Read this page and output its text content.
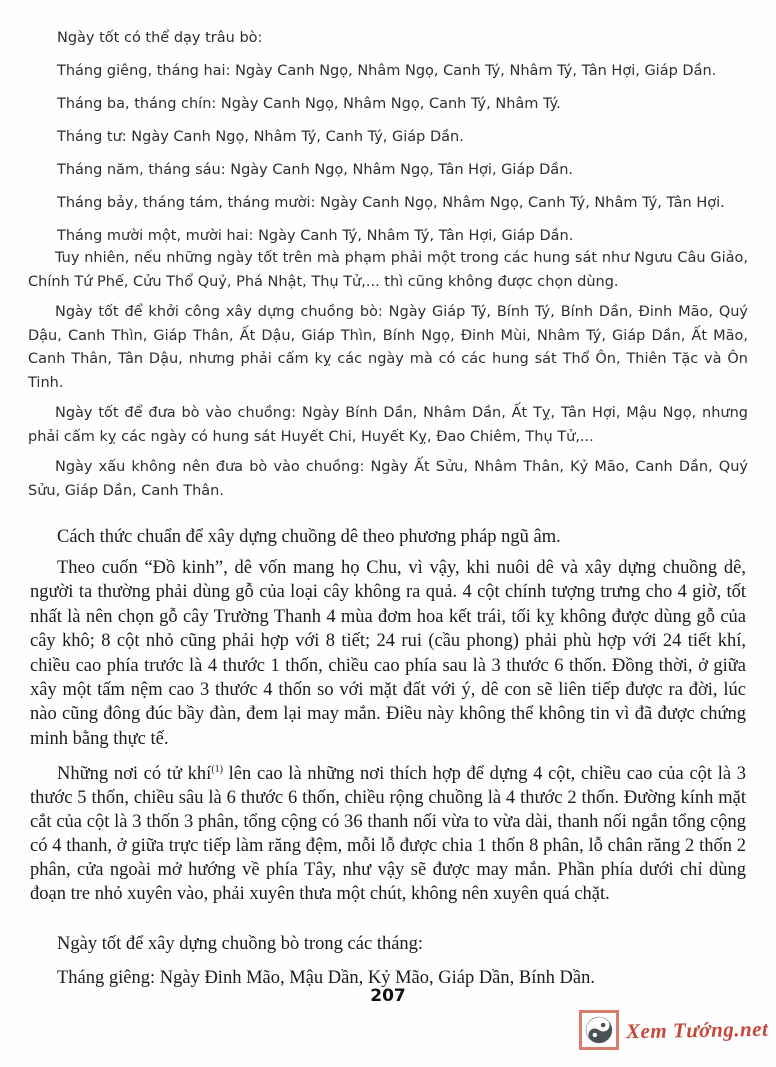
Ngày tốt có thể dạy trâu bò:

Tháng giêng, tháng hai: Ngày Canh Ngọ, Nhâm Ngọ, Canh Tý, Nhâm Tý, Tân Hợi, Giáp Dần.

Tháng ba, tháng chín: Ngày Canh Ngọ, Nhâm Ngọ, Canh Tý, Nhâm Tý.

Tháng tư: Ngày Canh Ngọ, Nhâm Tý, Canh Tý, Giáp Dần.

Tháng năm, tháng sáu: Ngày Canh Ngọ, Nhâm Ngọ, Tân Hợi, Giáp Dần.

Tháng bảy, tháng tám, tháng mười: Ngày Canh Ngọ, Nhâm Ngọ, Canh Tý, Nhâm Tý, Tân Hợi.

Tháng mười một, mười hai: Ngày Canh Tý, Nhâm Tý, Tân Hợi, Giáp Dần.

Tuy nhiên, nếu những ngày tốt trên mà phạm phải một trong các hung sát như Ngưu Câu Giảo, Chính Tứ Phế, Cửu Thổ Quỷ, Phá Nhật, Thụ Tử,... thì cũng không được chọn dùng.

Ngày tốt để khởi công xây dựng chuồng bò: Ngày Giáp Tý, Bính Tý, Bính Dần, Đinh Mão, Quý Dậu, Canh Thìn, Giáp Thân, Ất Dậu, Giáp Thìn, Bính Ngọ, Đinh Mùi, Nhâm Tý, Giáp Dần, Ất Mão, Canh Thân, Tân Dậu, nhưng phải cấm kỵ các ngày mà có các hung sát Thổ Ôn, Thiên Tặc và Ôn Tinh.

Ngày tốt để đưa bò vào chuồng: Ngày Bính Dần, Nhâm Dần, Ất Tỵ, Tân Hợi, Mậu Ngọ, nhưng phải cấm kỵ các ngày có hung sát Huyết Chi, Huyết Kỵ, Đao Chiêm, Thụ Tử,...

Ngày xấu không nên đưa bò vào chuồng: Ngày Ất Sửu, Nhâm Thân, Kỷ Mão, Canh Dần, Quý Sửu, Giáp Dần, Canh Thân.

Cách thức chuẩn để xây dựng chuồng dê theo phương pháp ngũ âm.

Theo cuốn “Đồ kinh”, dê vốn mang họ Chu, vì vậy, khi nuôi dê và xây dựng chuồng dê, người ta thường phải dùng gỗ của loại cây không ra quả. 4 cột chính tượng trưng cho 4 giờ, tốt nhất là nên chọn gỗ cây Trường Thanh 4 mùa đơm hoa kết trái, tối kỵ không được dùng gỗ của cây khô; 8 cột nhỏ cũng phải hợp với 8 tiết; 24 rui (cầu phong) phải phù hợp với 24 tiết khí, chiều cao phía trước là 4 thước 1 thốn, chiều cao phía sau là 3 thước 6 thốn. Đồng thời, ở giữa xây một tấm nệm cao 3 thước 4 thốn so với mặt đất với ý, dê con sẽ liên tiếp được ra đời, lúc nào cũng đông đúc bầy đàn, đem lại may mắn. Điều này không thể không tin vì đã được chứng minh bằng thực tế.

Những nơi có tử khí$^{(1)}$ lên cao là những nơi thích hợp để dựng 4 cột, chiều cao của cột là 3 thước 5 thốn, chiều sâu là 6 thước 6 thốn, chiều rộng chuồng là 4 thước 2 thốn. Đường kính mặt cắt của cột là 3 thốn 3 phân, tổng cộng có 36 thanh nối vừa to vừa dài, thanh nối ngắn tổng cộng có 4 thanh, ở giữa trực tiếp làm răng đệm, mỗi lỗ được chia 1 thốn 8 phân, lỗ chân răng 2 thốn 2 phân, cửa ngoài mở hướng về phía Tây, như vậy sẽ được may mắn. Phần phía dưới chỉ dùng đoạn tre nhỏ xuyên vào, phải xuyên thưa một chút, không nên xuyên quá chặt.

Ngày tốt để xây dựng chuồng bò trong các tháng:

Tháng giêng: Ngày Đinh Mão, Mậu Dần, Kỷ Mão, Giáp Dần, Bính Dần.

207
Xem Tướng.net
